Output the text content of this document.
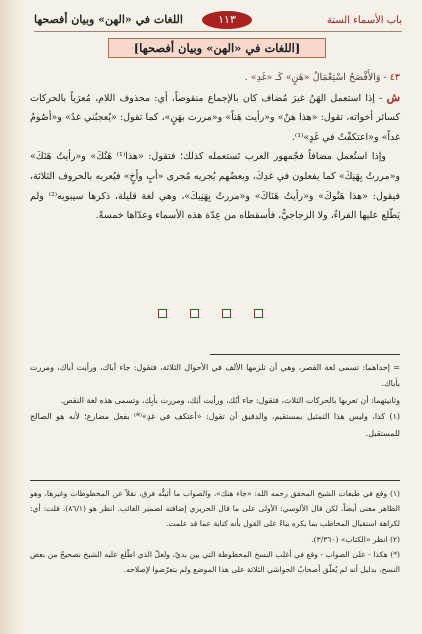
باب الأسماء الستة
١١٣
اللغات في «الهن» وبيان أفصحها
[اللغات في «الهن» وبيان أفصحها]

٤٣ - وَالأَفْصَحُ اسْتِعْمَالُ «هَنٍ» كَـ «غَدِ» .

ش - إذا استعمل الهَنُ غيرَ مُضاف كان بالإجماع منقوصاً، أي: محذوف اللام، مُعرَباً بالحركات كسائر أخواته، تقول: «هذا هنٌ» و«رأيت هَناً» و«مررت بهَنٍ»، كما تقول: «يُعجبُني غدٌ» و«أصُومُ غداً» و«اعتكفْتُ في غَدٍ»⁽¹⁾.

وإذا استُعمل مضافاً فجُمهور العرب تَستعمله كذلك؛ فتقول: «هذا⁽¹⁾ هَنُكَ» و«رأيتُ هَنَكَ» و«مررتُ بِهَنِكَ» كما يفعلون في غدِكَ، وبعضُهم يُجريه مُجرى «أبٍ وأخٍ» فيُعربه بالحروف الثلاثة، فيقول: «هذا هَنُوكَ» و«رأيتُ هَنَاكَ» و«مررتُ بِهَنِيكَ»، وهي لغة قليلة، ذكرها سيبويه⁽²⁾ ولم يَطّلع عليها الفراءُ، ولا الزجاجيُّ، فأسقطاه من عِدّة هذه الأسماء وعدّاها خمسةً.

= إحداهما: تسمى لغة القصر، وهي أن تلزمها الألف في الأحوال الثلاثة، فتقول: جاء أباك، ورأيت أباك، ومررت بأباك.

وثانيتهما: أن تعربها بالحركات الثلاث، فتقول: جاء أبُك، ورأيت أبَك، ومررت بأبِك، وتسمى هذه لغة النقص.

(١) كذا، وليس هذا التمثيل بمستقيم، والدقيق أن تقول: «أعتكف في غدِ»⁽*⁾ بفعل مضارع؛ لأنه هو الصالح للمستقبل.

(١) وقع في طبعات الشيخ المحقق رحمه الله: «جاء هنك»، والصواب ما أثبتُّه فرق، نقلاً عن المخطوطات وغيرها، وهو الظاهر معنى أيضاً، لكن قال الألوسي: الأولى على ما قال الحريري إضافته لضمير الغائب. انظر هو (٨٦/١)، قلت: أي: لكراهة استقبال المخاطب بما يكره بناءً على القول بأنه كناية عما قد علمت.

(٢) انظر «الكتاب» (٣/٣٦٠).

(*) هكذا - على الصواب - وقع في أغلب النسخ المخطوطة التي بين يديّ، ولعلّ الذي اطّلع عليه الشيخ نصحيحٌ من بعض النسخ، بدليل أنه لم يُعلّق أصحابُ الحواشي الثلاثة على هذا الموضع ولم يتعرّضوا لإصلاحه.
